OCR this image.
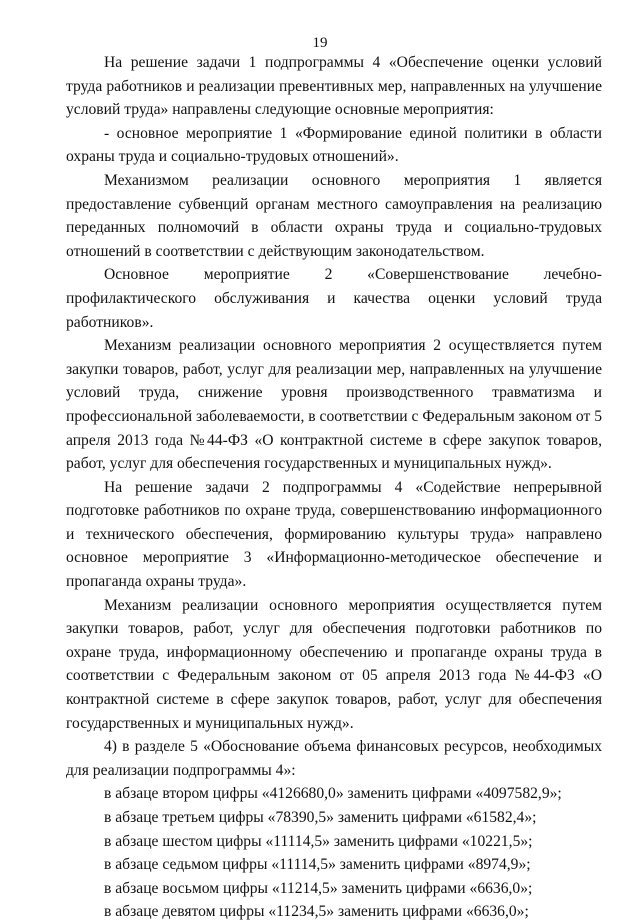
19

На решение задачи 1 подпрограммы 4 «Обеспечение оценки условий труда работников и реализации превентивных мер, направленных на улучшение условий труда» направлены следующие основные мероприятия:

- основное мероприятие 1 «Формирование единой политики в области охраны труда и социально-трудовых отношений».

Механизмом реализации основного мероприятия 1 является предоставление субвенций органам местного самоуправления на реализацию переданных полномочий в области охраны труда и социально-трудовых отношений в соответствии с действующим законодательством.

Основное мероприятие 2 «Совершенствование лечебно-профилактического обслуживания и качества оценки условий труда работников».

Механизм реализации основного мероприятия 2 осуществляется путем закупки товаров, работ, услуг для реализации мер, направленных на улучшение условий труда, снижение уровня производственного травматизма и профессиональной заболеваемости, в соответствии с Федеральным законом от 5 апреля 2013 года №44-ФЗ «О контрактной системе в сфере закупок товаров, работ, услуг для обеспечения государственных и муниципальных нужд».

На решение задачи 2 подпрограммы 4 «Содействие непрерывной подготовке работников по охране труда, совершенствованию информационного и технического обеспечения, формированию культуры труда» направлено основное мероприятие 3 «Информационно-методическое обеспечение и пропаганда охраны труда».

Механизм реализации основного мероприятия осуществляется путем закупки товаров, работ, услуг для обеспечения подготовки работников по охране труда, информационному обеспечению и пропаганде охраны труда в соответствии с Федеральным законом от 05 апреля 2013 года №44-ФЗ «О контрактной системе в сфере закупок товаров, работ, услуг для обеспечения государственных и муниципальных нужд».

4) в разделе 5 «Обоснование объема финансовых ресурсов, необходимых для реализации подпрограммы 4»:

в абзаце втором цифры «4126680,0» заменить цифрами «4097582,9»;

в абзаце третьем цифры «78390,5» заменить цифрами «61582,4»;

в абзаце шестом цифры «11114,5» заменить цифрами «10221,5»;

в абзаце седьмом цифры «11114,5» заменить цифрами «8974,9»;

в абзаце восьмом цифры «11214,5» заменить цифрами «6636,0»;

в абзаце девятом цифры «11234,5» заменить цифрами «6636,0»;
